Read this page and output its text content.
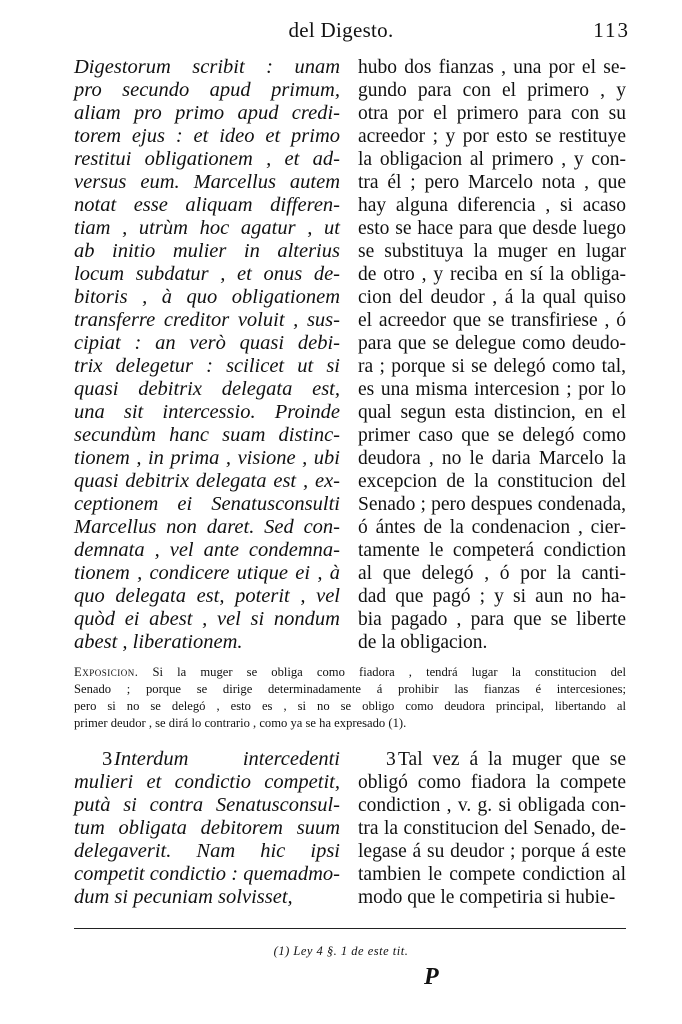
del Digesto.	113
Digestorum scribit : unam
pro secundo apud primum,
aliam pro primo apud credi-
torem ejus : et ideo et primo
restitui obligationem , et ad-
versus eum. Marcellus autem
notat esse aliquam differen-
tiam , utrùm hoc agatur , ut
ab initio mulier in alterius
locum subdatur , et onus de-
bitoris , à quo obligationem
transferre creditor voluit , sus-
cipiat : an verò quasi debi-
trix delegetur : scilicet ut si
quasi debitrix delegata est,
una sit intercessio. Proinde
secundùm hanc suam distinc-
tionem , in prima , visione , ubi
quasi debitrix delegata est , ex-
ceptionem ei Senatusconsulti
Marcellus non daret. Sed con-
demnata , vel ante condemna-
tionem , condicere utique ei , à
quo delegata est, poterit , vel
quòd ei abest , vel si nondum
abest , liberationem.
hubo dos fianzas , una por el se-
gundo para con el primero , y
otra por el primero para con su
acreedor ; y por esto se restituye
la obligacion al primero , y con-
tra él ; pero Marcelo nota , que
hay alguna diferencia , si acaso
esto se hace para que desde luego
se substituya la muger en lugar
de otro , y reciba en sí la obliga-
cion del deudor , á la qual quiso
el acreedor que se transfiriese , ó
para que se delegue como deudo-
ra ; porque si se delegó como tal,
es una misma intercesion ; por lo
qual segun esta distincion, en el
primer caso que se delegó como
deudora , no le daria Marcelo la
excepcion de la constitucion del
Senado ; pero despues condenada,
ó ántes de la condenacion , cier-
tamente le competerá condiction
al que delegó , ó por la canti-
dad que pagó ; y si aun no ha-
bia pagado , para que se liberte
de la obligacion.
Exposicion. Si la muger se obliga como fiadora , tendrá lugar la constitucion del
Senado ; porque se dirige determinadamente á prohibir las fianzas é intercesiones;
pero si no se delegó , esto es , si no se obligo como deudora principal, libertando al
primer deudor , se dirá lo contrario , como ya se ha expresado (1).
3Interdum intercedenti
mulieri et condictio competit,
putà si contra Senatusconsul-
tum obligata debitorem suum
delegaverit. Nam hic ipsi
competit condictio : quemadmo-
dum si pecuniam solvisset,
3 Tal vez á la muger que se
obligó como fiadora la compete
condiction , v. g. si obligada con-
tra la constitucion del Senado, de-
legase á su deudor ; porque á este
tambien le compete condiction al
modo que le competiria si hubie-
(1) Ley 4 §. 1 de este tit.
P
